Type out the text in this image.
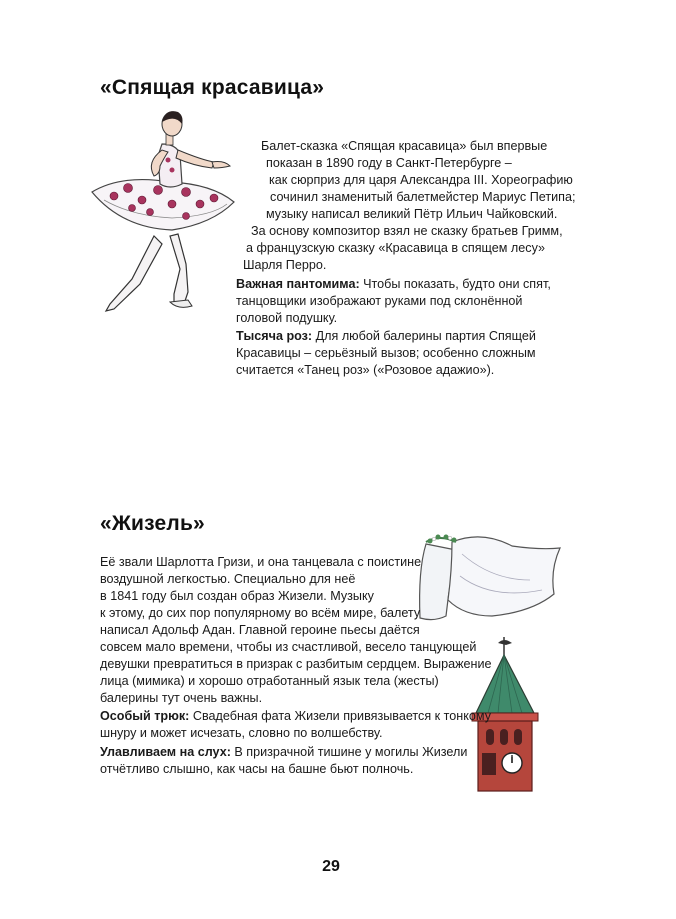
«Спящая красавица»
Балет-сказка «Спящая красавица» был впервые
показан в 1890 году в Санкт-Петербурге –
как сюрприз для царя Александра III. Хореографию
сочинил знаменитый балетмейстер Мариус Петипа;
музыку написал великий Пётр Ильич Чайковский.
За основу композитор взял не сказку братьев Гримм,
а французскую сказку «Красавица в спящем лесу»
Шарля Перро.
Важная пантомима: Чтобы показать, будто они спят,
танцовщики изображают руками под склонённой
головой подушку.
Тысяча роз: Для любой балерины партия Спящей
Красавицы – серьёзный вызов; особенно сложным
считается «Танец роз» («Розовое адажио»).
«Жизель»
Её звали Шарлотта Гризи, и она танцевала с поистине
воздушной легкостью. Специально для неё
в 1841 году был создан образ Жизели. Музыку
к этому, до сих пор популярному во всём мире, балету
написал Адольф Адан. Главной героине пьесы даётся
совсем мало времени, чтобы из счастливой, весело танцующей
девушки превратиться в призрак с разбитым сердцем. Выражение
лица (мимика) и хорошо отработанный язык тела (жесты)
балерины тут очень важны.
Особый трюк: Свадебная фата Жизели привязывается к тонкому
шнуру и может исчезать, словно по волшебству.
Улавливаем на слух: В призрачной тишине у могилы Жизели
отчётливо слышно, как часы на башне бьют полночь.
29
